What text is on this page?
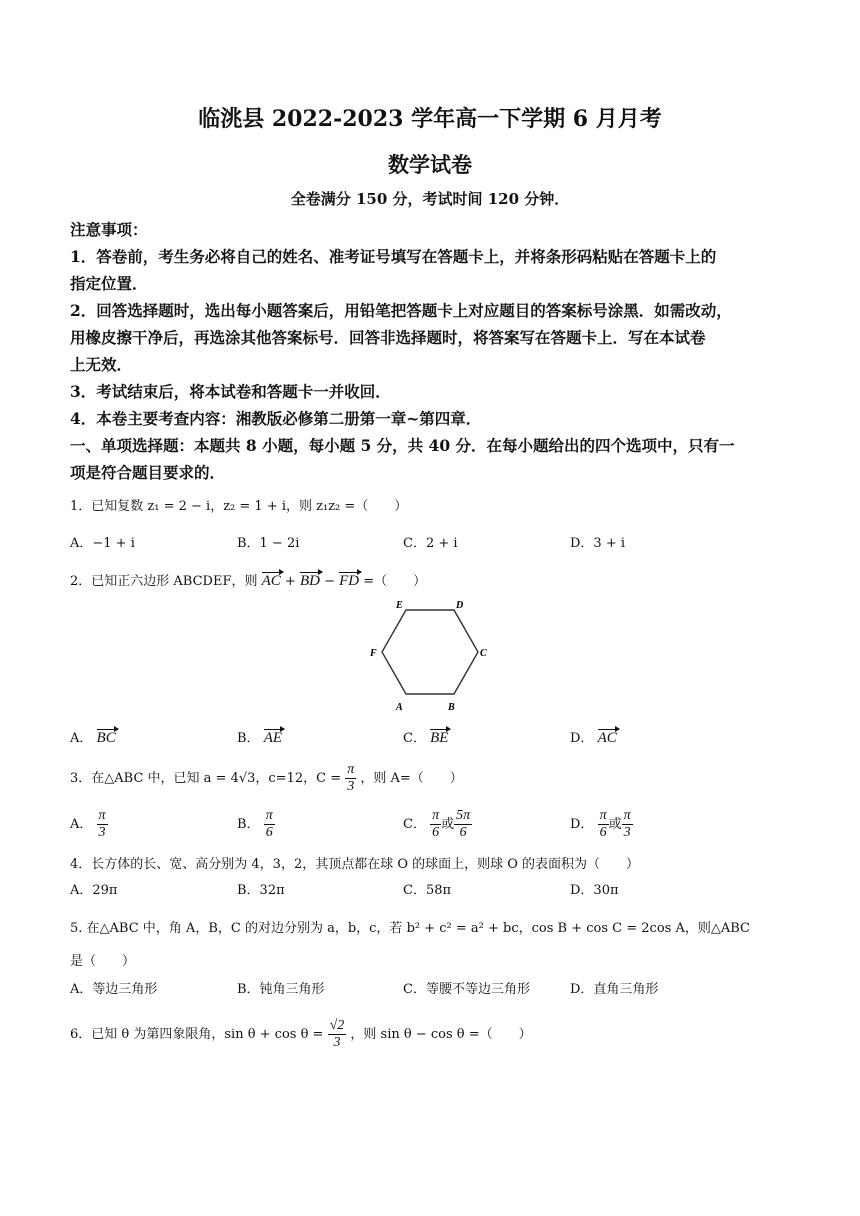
临洮县 2022-2023 学年高一下学期 6 月月考
数学试卷
全卷满分 150 分，考试时间 120 分钟．
注意事项：
1．答卷前，考生务必将自己的姓名、准考证号填写在答题卡上，并将条形码粘贴在答题卡上的
指定位置．
2．回答选择题时，选出每小题答案后，用铅笔把答题卡上对应题目的答案标号涂黑．如需改动，
用橡皮擦干净后，再选涂其他答案标号．回答非选择题时，将答案写在答题卡上．写在本试卷
上无效．
3．考试结束后，将本试卷和答题卡一并收回．
4．本卷主要考查内容：湘教版必修第二册第一章~第四章．
一、单项选择题：本题共 8 小题，每小题 5 分，共 40 分．在每小题给出的四个选项中，只有一
项是符合题目要求的．
1．已知复数 z₁ = 2 − i，z₂ = 1 + i，则 z₁z₂ =（　　）
A．−1 + i	B．1 − 2i	C．2 + i	D．3 + i
2．已知正六边形 ABCDEF，则 AC + BD − FD =（　　）
A	B
C
D
E
F
A． BC	B． AE	C． BE	D． AC
3．在△ABC 中，已知 a = 4√3，c=12，$C = \frac{\pi}{3}$ ，则 A=（　　）
A． $\frac{\pi}{3}$	B． $\frac{\pi}{6}$	C． $\frac{\pi}{6}$ 或 $\frac{5\pi}{6}$	D． $\frac{\pi}{6}$ 或 $\frac{\pi}{3}$
4．长方体的长、宽、高分别为 4，3，2，其顶点都在球 O 的球面上，则球 O 的表面积为（　　）
A．29π	B．32π	C．58π	D．30π
5. 在△ABC 中，角 A，B，C 的对边分别为 a，b，c，若 b² + c² = a² + bc，cos B + cos C = 2cos A，则△ABC
是（　　）
A．等边三角形	B．钝角三角形	C．等腰不等边三角形	D．直角三角形
6．已知 θ 为第四象限角，$\sin \theta + \cos \theta = \frac{√2}{3}$ ，则 sin θ − cos θ =（　　）
